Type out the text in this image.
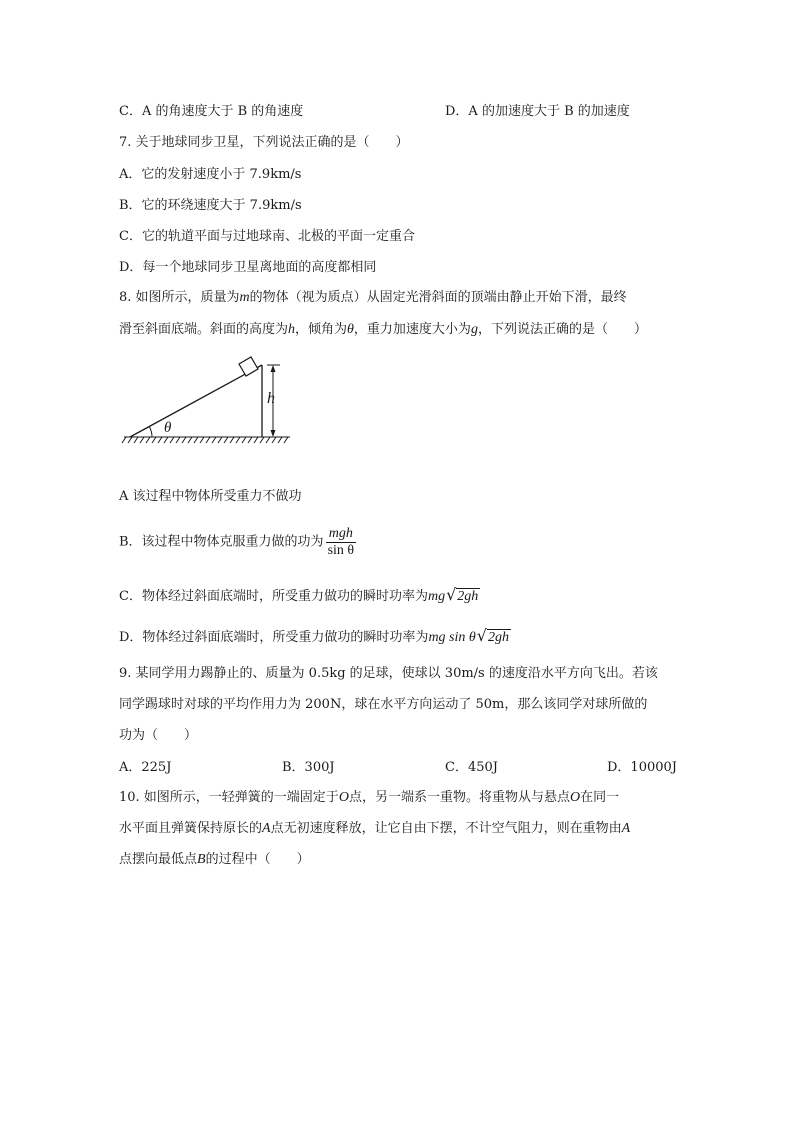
C．A 的角速度大于 B 的角速度	D．A 的加速度大于 B 的加速度
7. 关于地球同步卫星，下列说法正确的是（　　）
A．它的发射速度小于 7.9km/s
B．它的环绕速度大于 7.9km/s
C．它的轨道平面与过地球南、北极的平面一定重合
D．每一个地球同步卫星离地面的高度都相同
8. 如图所示，质量为m的物体（视为质点）从固定光滑斜面的顶端由静止开始下滑，最终
滑至斜面底端。斜面的高度为h，倾角为θ，重力加速度大小为g，下列说法正确的是（　　）
h
θ
A 该过程中物体所受重力不做功
B．该过程中物体克服重力做的功为 $\frac{\text{mgh}}{\text{sin θ}}$
C．物体经过斜面底端时，所受重力做功的瞬时功率为mg√2gh
D．物体经过斜面底端时，所受重力做功的瞬时功率为mg sin θ√2gh
9. 某同学用力踢静止的、质量为 0.5kg 的足球，使球以 30m/s 的速度沿水平方向飞出。若该
同学踢球时对球的平均作用力为 200N，球在水平方向运动了 50m，那么该同学对球所做的
功为（　　）
A．225J	B．300J	C．450J	D．10000J
10. 如图所示，一轻弹簧的一端固定于O点，另一端系一重物。将重物从与悬点O在同一
水平面且弹簧保持原长的A点无初速度释放，让它自由下摆，不计空气阻力，则在重物由A
点摆向最低点B的过程中（　　）
